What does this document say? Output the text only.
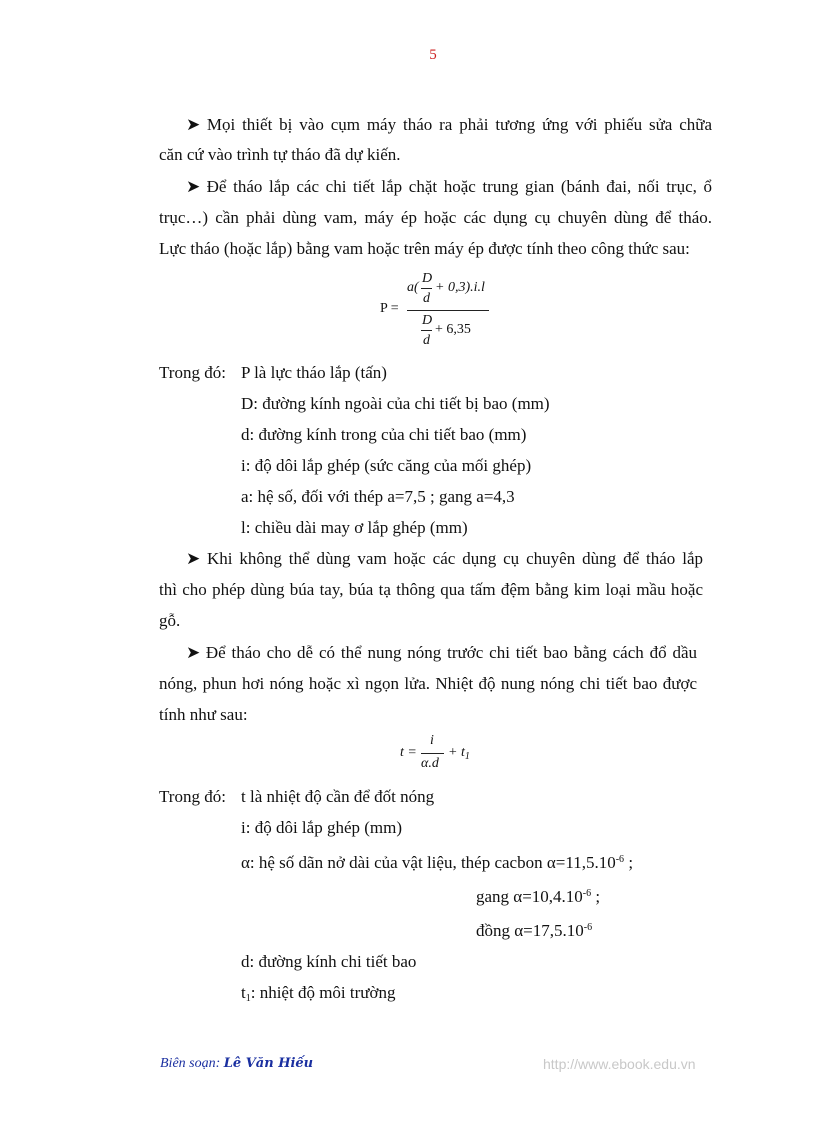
5
➤ Mọi thiết bị vào cụm máy tháo ra phải tương ứng với phiếu sửa chữa
căn cứ vào trình tự tháo đã dự kiến.
➤ Để tháo lắp các chi tiết lắp chặt hoặc trung gian (bánh đai, nối trục, ổ
trục…) cần phải dùng vam, máy ép hoặc các dụng cụ chuyên dùng để tháo.
Lực tháo (hoặc lắp) bằng vam hoặc trên máy ép được tính theo công thức sau:
P =
a(
D
d
+ 0,3).i.l
D
d
+ 6,35
Trong đó: P là lực tháo lắp (tấn)
D: đường kính ngoài của chi tiết bị bao (mm)
d: đường kính trong của chi tiết bao (mm)
i: độ dôi lắp ghép (sức căng của mối ghép)
a: hệ số, đối với thép a=7,5 ; gang a=4,3
l: chiều dài may ơ lắp ghép (mm)
➤ Khi không thể dùng vam hoặc các dụng cụ chuyên dùng để tháo lắp
thì cho phép dùng búa tay, búa tạ thông qua tấm đệm bằng kim loại mầu hoặc
gỗ.
➤ Để tháo cho dễ có thể nung nóng trước chi tiết bao bằng cách đổ dầu
nóng, phun hơi nóng hoặc xì ngọn lửa. Nhiệt độ nung nóng chi tiết bao được
tính như sau:
t =
i
α.d
+ $t_1$
Trong đó: t là nhiệt độ cần để đốt nóng
i: độ dôi lắp ghép (mm)
α: hệ số dãn nở dài của vật liệu, thép cacbon $\alpha=11,5.10^{-6}$ ;
gang $\alpha=10,4.10^{-6}$ ;
đồng $\alpha=17,5.10^{-6}$
d: đường kính chi tiết bao
$t_1$: nhiệt độ môi trường
Biên soạn: Lê Văn Hiếu	http://www.ebook.edu.vn
